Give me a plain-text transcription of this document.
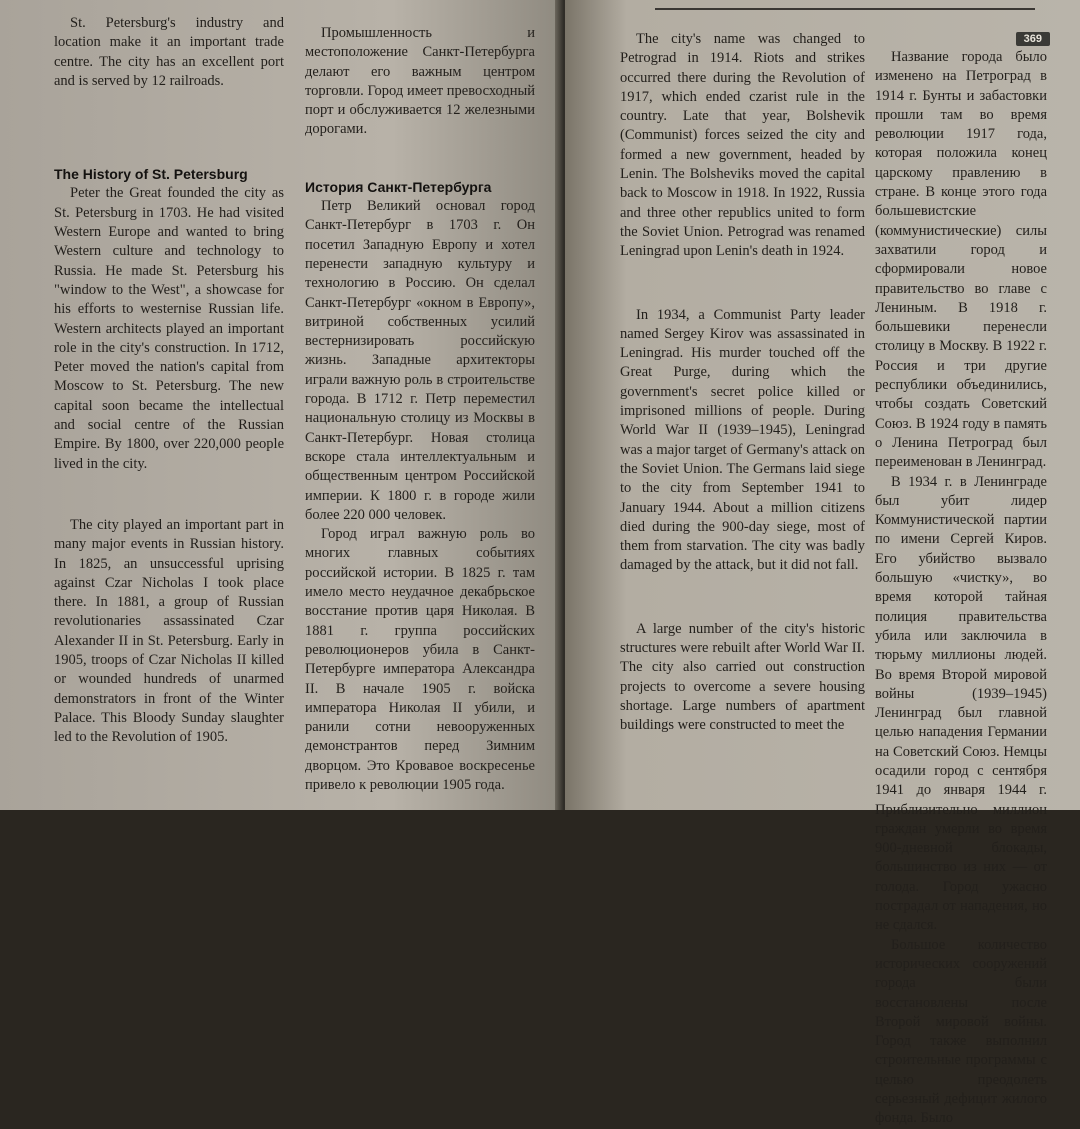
St. Petersburg's industry and location make it an important trade centre. The city has an excellent port and is served by 12 railroads.

The History of St. Petersburg

Peter the Great founded the city as St. Petersburg in 1703. He had visited Western Europe and wanted to bring Western culture and technology to Russia. He made St. Petersburg his "window to the West", a showcase for his efforts to westernise Russian life. Western architects played an important role in the city's construction. In 1712, Peter moved the nation's capital from Moscow to St. Petersburg. The new capital soon became the intellectual and social centre of the Russian Empire. By 1800, over 220,000 people lived in the city.

The city played an important part in many major events in Russian history. In 1825, an unsuccessful uprising against Czar Nicholas I took place there. In 1881, a group of Russian revolutionaries assassinated Czar Alexander II in St. Petersburg. Early in 1905, troops of Czar Nicholas II killed or wounded hundreds of unarmed demonstrators in front of the Winter Palace. This Bloody Sunday slaughter led to the Revolution of 1905.

Промышленность и местоположение Санкт-Петербурга делают его важным центром торговли. Город имеет превосходный порт и обслуживается 12 железными дорогами.

История Санкт-Петербурга

Петр Великий основал город Санкт-Петербург в 1703 г. Он посетил Западную Европу и хотел перенести западную культуру и технологию в Россию. Он сделал Санкт-Петербург «окном в Европу», витриной собственных усилий вестернизировать российскую жизнь. Западные архитекторы играли важную роль в строительстве города. В 1712 г. Петр переместил национальную столицу из Москвы в Санкт-Петербург. Новая столица вскоре стала интеллектуальным и общественным центром Российской империи. К 1800 г. в городе жили более 220 000 человек.

Город играл важную роль во многих главных событиях российской истории. В 1825 г. там имело место неудачное декабрьское восстание против царя Николая. В 1881 г. группа российских революционеров убила в Санкт-Петербурге императора Александра II. В начале 1905 г. войска императора Николая II убили, и ранили сотни невооруженных демонстрантов перед Зимним дворцом. Это Кровавое воскресенье привело к революции 1905 года.

369

The city's name was changed to Petrograd in 1914. Riots and strikes occurred there during the Revolution of 1917, which ended czarist rule in the country. Late that year, Bolshevik (Communist) forces seized the city and formed a new government, headed by Lenin. The Bolsheviks moved the capital back to Moscow in 1918. In 1922, Russia and three other republics united to form the Soviet Union. Petrograd was renamed Leningrad upon Lenin's death in 1924.

In 1934, a Communist Party leader named Sergey Kirov was assassinated in Leningrad. His murder touched off the Great Purge, during which the government's secret police killed or imprisoned millions of people. During World War II (1939–1945), Leningrad was a major target of Germany's attack on the Soviet Union. The Germans laid siege to the city from September 1941 to January 1944. About a million citizens died during the 900-day siege, most of them from starvation. The city was badly damaged by the attack, but it did not fall.

A large number of the city's historic structures were rebuilt after World War II. The city also carried out construction projects to overcome a severe housing shortage. Large numbers of apartment buildings were constructed to meet the

Название города было изменено на Петроград в 1914 г. Бунты и забастовки прошли там во время революции 1917 года, которая положила конец царскому правлению в стране. В конце этого года большевистские (коммунистические) силы захватили город и сформировали новое правительство во главе с Лениным. В 1918 г. большевики перенесли столицу в Москву. В 1922 г. Россия и три другие республики объединились, чтобы создать Советский Союз. В 1924 году в память о Ленина Петроград был переименован в Ленинград.

В 1934 г. в Ленинграде был убит лидер Коммунистической партии по имени Сергей Киров. Его убийство вызвало большую «чистку», во время которой тайная полиция правительства убила или заключила в тюрьму миллионы людей. Во время Второй мировой войны (1939–1945) Ленинград был главной целью нападения Германии на Советский Союз. Немцы осадили город с сентября 1941 до января 1944 г. Приблизительно миллион граждан умерли во время 900-дневной блокады, большинство из них — от голода. Город ужасно пострадал от нападения, но не сдался.

Большое количество исторических сооружений города были восстановлены после Второй мировой войны. Город также выполнил строительные программы с целью преодолеть серьезный дефицит жилого фонда. Было
